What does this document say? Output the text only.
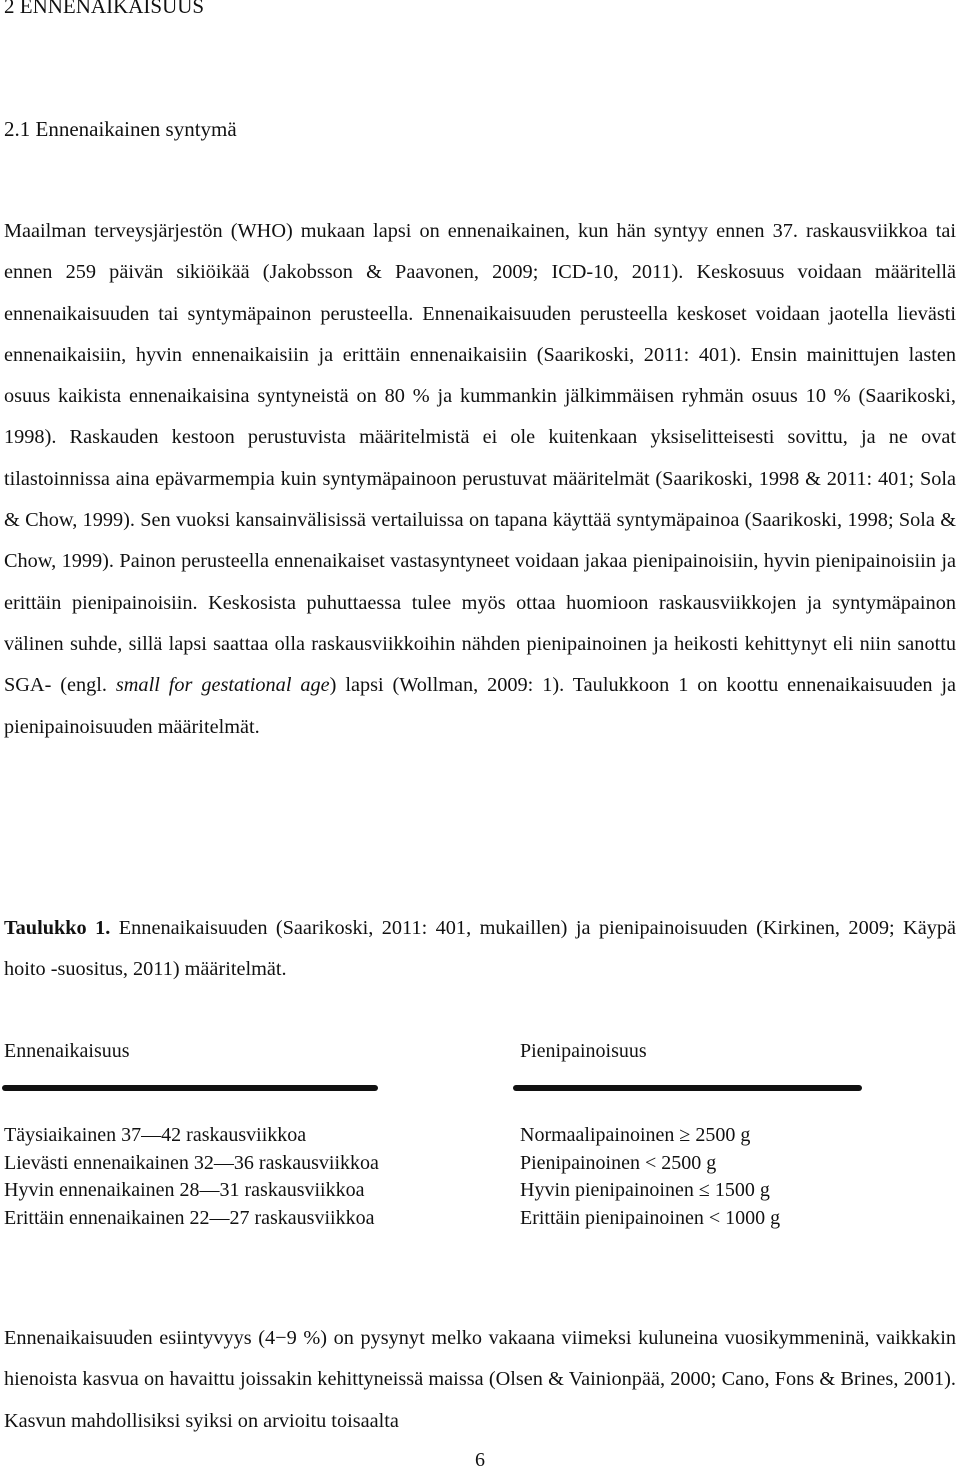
2 ENNENAIKAISUUS
2.1 Ennenaikainen syntymä
Maailman terveysjärjestön (WHO) mukaan lapsi on ennenaikainen, kun hän syntyy ennen 37. raskausviikkoa tai ennen 259 päivän sikiöikää (Jakobsson & Paavonen, 2009; ICD-10, 2011). Keskosuus voidaan määritellä ennenaikaisuuden tai syntymäpainon perusteella. Ennenaikaisuuden perusteella keskoset voidaan jaotella lievästi ennenaikaisiin, hyvin ennenaikaisiin ja erittäin ennenaikaisiin (Saarikoski, 2011: 401). Ensin mainittujen lasten osuus kaikista ennenaikaisina syntyneistä on 80 % ja kummankin jälkimmäisen ryhmän osuus 10 % (Saarikoski, 1998). Raskauden kestoon perustuvista määritelmistä ei ole kuitenkaan yksiselitteisesti sovittu, ja ne ovat tilastoinnissa aina epävarmempia kuin syntymäpainoon perustuvat määritelmät (Saarikoski, 1998 & 2011: 401; Sola & Chow, 1999). Sen vuoksi kansainvälisissä vertailuissa on tapana käyttää syntymäpainoa (Saarikoski, 1998; Sola & Chow, 1999). Painon perusteella ennenaikaiset vastasyntyneet voidaan jakaa pienipainoisiin, hyvin pienipainoisiin ja erittäin pienipainoisiin. Keskosista puhuttaessa tulee myös ottaa huomioon raskausviikkojen ja syntymäpainon välinen suhde, sillä lapsi saattaa olla raskausviikkoihin nähden pienipainoinen ja heikosti kehittynyt eli niin sanottu SGA- (engl. small for gestational age) lapsi (Wollman, 2009: 1). Taulukkoon 1 on koottu ennenaikaisuuden ja pienipainoisuuden määritelmät.
Taulukko 1. Ennenaikaisuuden (Saarikoski, 2011: 401, mukaillen) ja pienipainoisuuden (Kirkinen, 2009; Käypä hoito -suositus, 2011) määritelmät.
Ennenaikaisuus	Pienipainoisuus
Täysiaikainen 37—42 raskausviikkoa
Lievästi ennenaikainen 32—36 raskausviikkoa
Hyvin ennenaikainen 28—31 raskausviikkoa
Erittäin ennenaikainen 22—27 raskausviikkoa
Normaalipainoinen ≥ 2500 g
Pienipainoinen < 2500 g
Hyvin pienipainoinen ≤ 1500 g
Erittäin pienipainoinen < 1000 g
Ennenaikaisuuden esiintyvyys (4−9 %) on pysynyt melko vakaana viimeksi kuluneina vuosikymmeninä, vaikkakin hienoista kasvua on havaittu joissakin kehittyneissä maissa (Olsen & Vainionpää, 2000; Cano, Fons & Brines, 2001). Kasvun mahdollisiksi syiksi on arvioitu toisaalta
6
